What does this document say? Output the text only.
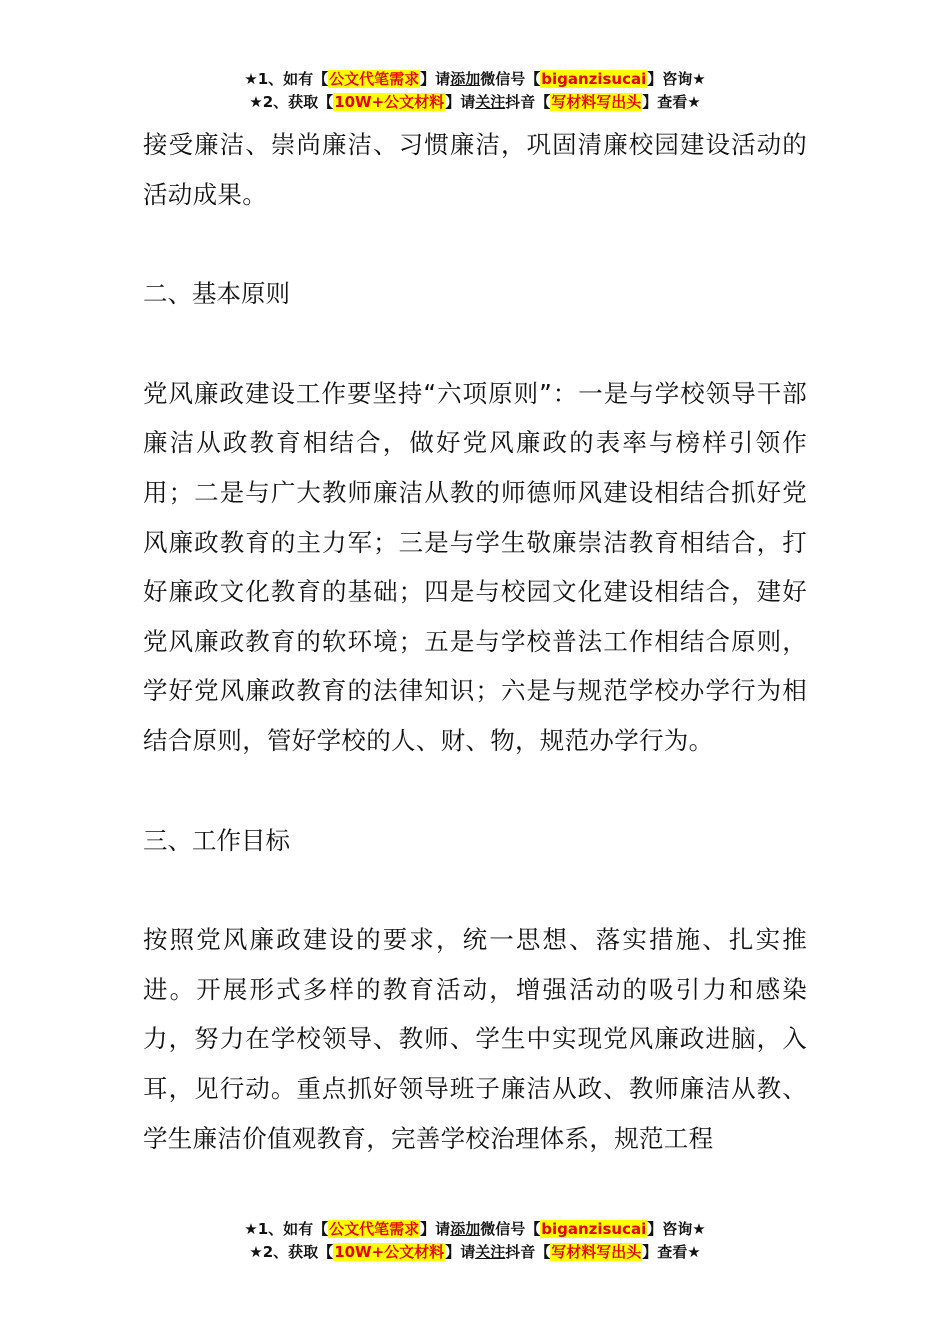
★1、如有【公文代笔需求】请添加微信号【biganzisucai】咨询★
★2、获取【10W+公文材料】请关注抖音【写材料写出头】查看★

接受廉洁、崇尚廉洁、习惯廉洁，巩固清廉校园建设活动的活动成果。

二、基本原则

党风廉政建设工作要坚持“六项原则”：一是与学校领导干部廉洁从政教育相结合，做好党风廉政的表率与榜样引领作用；二是与广大教师廉洁从教的师德师风建设相结合抓好党风廉政教育的主力军；三是与学生敬廉崇洁教育相结合，打好廉政文化教育的基础；四是与校园文化建设相结合，建好党风廉政教育的软环境；五是与学校普法工作相结合原则，学好党风廉政教育的法律知识；六是与规范学校办学行为相结合原则，管好学校的人、财、物，规范办学行为。

三、工作目标

按照党风廉政建设的要求，统一思想、落实措施、扎实推进。开展形式多样的教育活动，增强活动的吸引力和感染力，努力在学校领导、教师、学生中实现党风廉政进脑，入耳，见行动。重点抓好领导班子廉洁从政、教师廉洁从教、学生廉洁价值观教育，完善学校治理体系，规范工程

★1、如有【公文代笔需求】请添加微信号【biganzisucai】咨询★
★2、获取【10W+公文材料】请关注抖音【写材料写出头】查看★
